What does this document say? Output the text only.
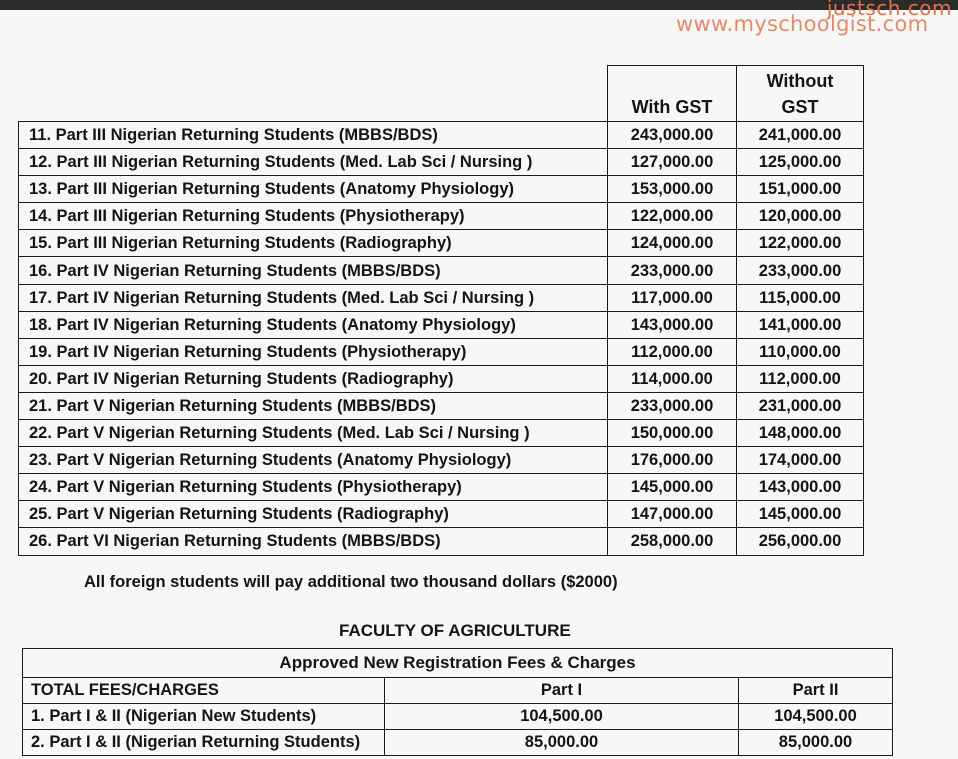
justsch.com
www.myschoolgist.com
	With GST	Without
GST
11. Part III Nigerian Returning Students (MBBS/BDS)	243,000.00	241,000.00
12. Part III Nigerian Returning Students (Med. Lab Sci / Nursing )	127,000.00	125,000.00
13. Part III Nigerian Returning Students (Anatomy Physiology)	153,000.00	151,000.00
14. Part III Nigerian Returning Students (Physiotherapy)	122,000.00	120,000.00
15. Part III Nigerian Returning Students (Radiography)	124,000.00	122,000.00
16. Part IV Nigerian Returning Students (MBBS/BDS)	233,000.00	233,000.00
17. Part IV Nigerian Returning Students (Med. Lab Sci / Nursing )	117,000.00	115,000.00
18. Part IV Nigerian Returning Students (Anatomy Physiology)	143,000.00	141,000.00
19. Part IV Nigerian Returning Students (Physiotherapy)	112,000.00	110,000.00
20. Part IV Nigerian Returning Students (Radiography)	114,000.00	112,000.00
21. Part V Nigerian Returning Students (MBBS/BDS)	233,000.00	231,000.00
22. Part V Nigerian Returning Students (Med. Lab Sci / Nursing )	150,000.00	148,000.00
23. Part V Nigerian Returning Students (Anatomy Physiology)	176,000.00	174,000.00
24. Part V Nigerian Returning Students (Physiotherapy)	145,000.00	143,000.00
25. Part V Nigerian Returning Students (Radiography)	147,000.00	145,000.00
26. Part VI Nigerian Returning Students (MBBS/BDS)	258,000.00	256,000.00
All foreign students will pay additional two thousand dollars ($2000)
FACULTY OF AGRICULTURE
Approved New Registration Fees & Charges		
TOTAL FEES/CHARGES	Part I	Part II
1. Part I & II (Nigerian New Students)	104,500.00	104,500.00
2. Part I & II (Nigerian Returning Students)	85,000.00	85,000.00
